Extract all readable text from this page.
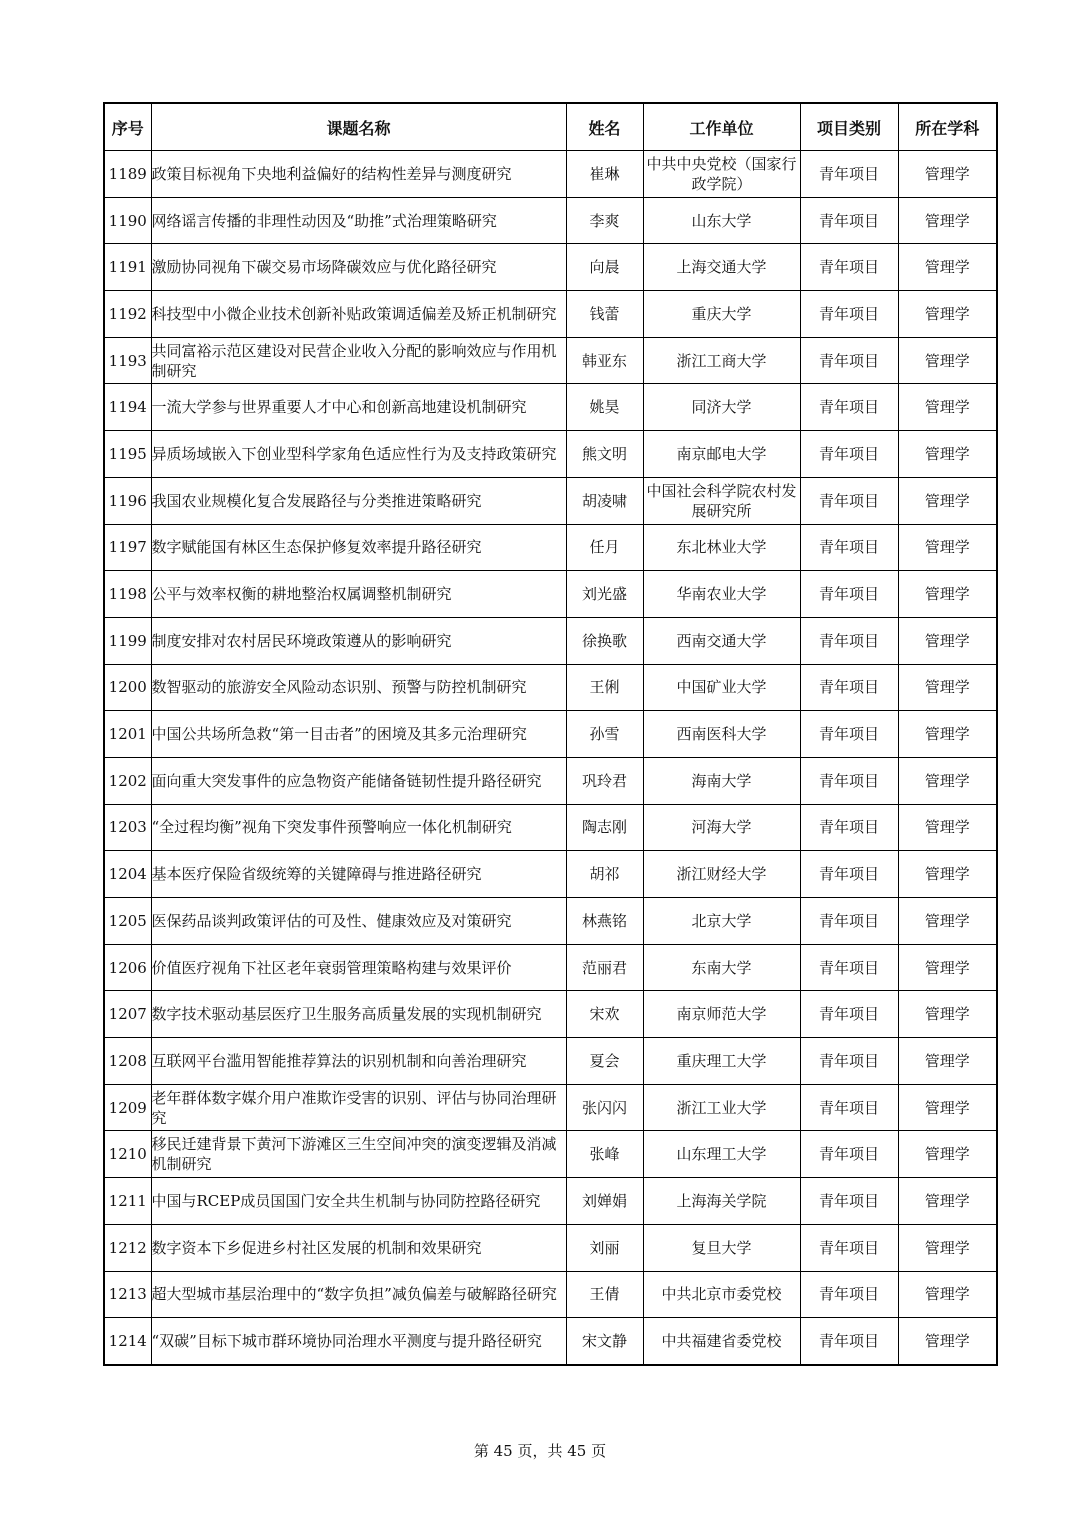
序号	课题名称	姓名	工作单位	项目类别	所在学科
1189	政策目标视角下央地利益偏好的结构性差异与测度研究	崔琳	中共中央党校（国家行政学院）	青年项目	管理学
1190	网络谣言传播的非理性动因及“助推”式治理策略研究	李爽	山东大学	青年项目	管理学
1191	激励协同视角下碳交易市场降碳效应与优化路径研究	向晨	上海交通大学	青年项目	管理学
1192	科技型中小微企业技术创新补贴政策调适偏差及矫正机制研究	钱蕾	重庆大学	青年项目	管理学
1193	共同富裕示范区建设对民营企业收入分配的影响效应与作用机制研究	韩亚东	浙江工商大学	青年项目	管理学
1194	一流大学参与世界重要人才中心和创新高地建设机制研究	姚昊	同济大学	青年项目	管理学
1195	异质场域嵌入下创业型科学家角色适应性行为及支持政策研究	熊文明	南京邮电大学	青年项目	管理学
1196	我国农业规模化复合发展路径与分类推进策略研究	胡凌啸	中国社会科学院农村发展研究所	青年项目	管理学
1197	数字赋能国有林区生态保护修复效率提升路径研究	任月	东北林业大学	青年项目	管理学
1198	公平与效率权衡的耕地整治权属调整机制研究	刘光盛	华南农业大学	青年项目	管理学
1199	制度安排对农村居民环境政策遵从的影响研究	徐换歌	西南交通大学	青年项目	管理学
1200	数智驱动的旅游安全风险动态识别、预警与防控机制研究	王俐	中国矿业大学	青年项目	管理学
1201	中国公共场所急救“第一目击者”的困境及其多元治理研究	孙雪	西南医科大学	青年项目	管理学
1202	面向重大突发事件的应急物资产能储备链韧性提升路径研究	巩玲君	海南大学	青年项目	管理学
1203	“全过程均衡”视角下突发事件预警响应一体化机制研究	陶志刚	河海大学	青年项目	管理学
1204	基本医疗保险省级统筹的关键障碍与推进路径研究	胡祁	浙江财经大学	青年项目	管理学
1205	医保药品谈判政策评估的可及性、健康效应及对策研究	林燕铭	北京大学	青年项目	管理学
1206	价值医疗视角下社区老年衰弱管理策略构建与效果评价	范丽君	东南大学	青年项目	管理学
1207	数字技术驱动基层医疗卫生服务高质量发展的实现机制研究	宋欢	南京师范大学	青年项目	管理学
1208	互联网平台滥用智能推荐算法的识别机制和向善治理研究	夏会	重庆理工大学	青年项目	管理学
1209	老年群体数字媒介用户准欺诈受害的识别、评估与协同治理研究	张闪闪	浙江工业大学	青年项目	管理学
1210	移民迁建背景下黄河下游滩区三生空间冲突的演变逻辑及消减机制研究	张峰	山东理工大学	青年项目	管理学
1211	中国与RCEP成员国国门安全共生机制与协同防控路径研究	刘婵娟	上海海关学院	青年项目	管理学
1212	数字资本下乡促进乡村社区发展的机制和效果研究	刘丽	复旦大学	青年项目	管理学
1213	超大型城市基层治理中的“数字负担”减负偏差与破解路径研究	王倩	中共北京市委党校	青年项目	管理学
1214	“双碳”目标下城市群环境协同治理水平测度与提升路径研究	宋文静	中共福建省委党校	青年项目	管理学
第 45 页，共 45 页
